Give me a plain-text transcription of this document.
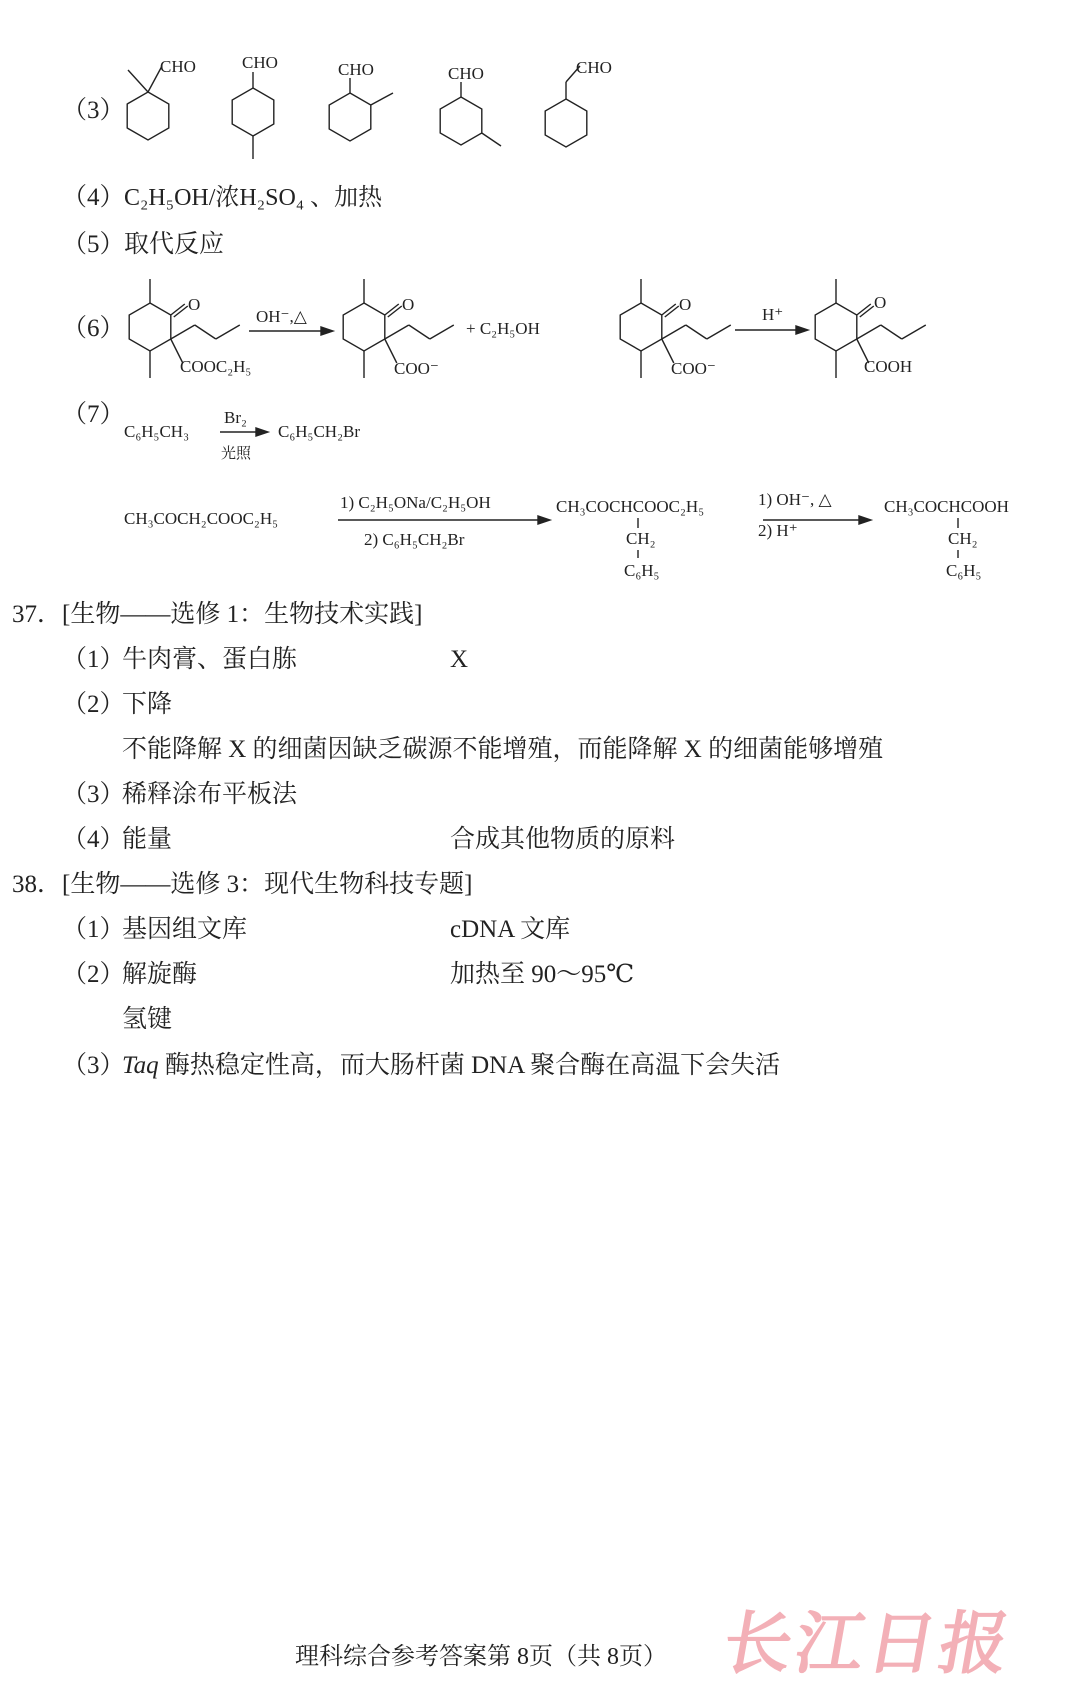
（3）
CHO	CHO	CHO	CHO	CHO
（4） C₂H₅OH/浓H₂SO₄ 、加热
（5） 取代反应
（6）
O
COOC₂H₅
OH⁻,△
O
COO⁻
+ C₂H₅OH
O
COO⁻
H⁺
O
COOH
（7）
C₆H₅CH₃
Br₂
光照
C₆H₅CH₂Br
CH₃COCH₂COOC₂H₅
1) C₂H₅ONa/C₂H₅OH
2) C₆H₅CH₂Br
CH₃COCHCOOC₂H₅
CH₂
C₆H₅
1) OH⁻, △
2) H⁺
CH₃COCHCOOH
CH₂
C₆H₅
37．[生物——选修 1：生物技术实践]
（1）
牛肉膏、蛋白胨	X
（2）
下降
不能降解 X 的细菌因缺乏碳源不能增殖，而能降解 X 的细菌能够增殖
（3）
稀释涂布平板法
（4）
能量	合成其他物质的原料
38．[生物——选修 3：现代生物科技专题]
（1）
基因组文库	cDNA 文库
（2）
解旋酶	加热至 90～95℃
氢键
（3）
Taq 酶热稳定性高，而大肠杆菌 DNA 聚合酶在高温下会失活
理科综合参考答案第 8页（共 8页） 长江日报
